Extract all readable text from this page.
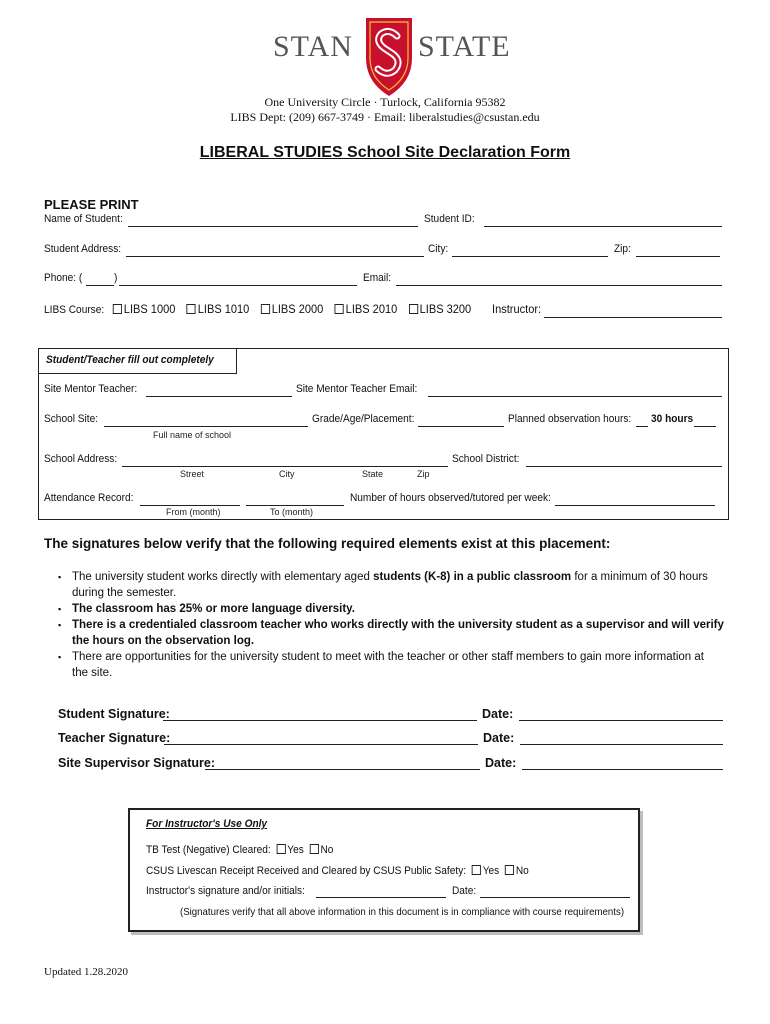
STAN STATE
One University Circle · Turlock, California 95382
LIBS Dept: (209) 667-3749 · Email: liberalstudies@csustan.edu
LIBERAL STUDIES School Site Declaration Form
PLEASE PRINT
Name of Student:	Student ID:
Student Address:	City:	Zip:
Phone: (	)	Email:
LIBS Course:	LIBS 1000 LIBS 1010 LIBS 2000 LIBS 2010 LIBS 3200 Instructor:
Student/Teacher fill out completely
Site Mentor Teacher:	Site Mentor Teacher Email:
School Site:	Grade/Age/Placement:	Planned observation hours: 30 hours
Full name of school
School Address:	School District:
Street	City	State	Zip
Attendance Record:	Number of hours observed/tutored per week:
From (month)	To (month)
The signatures below verify that the following required elements exist at this placement:
▪ The university student works directly with elementary aged students (K-8) in a public classroom for a minimum of 30 hours
during the semester.
▪ The classroom has 25% or more language diversity.
▪ There is a credentialed classroom teacher who works directly with the university student as a supervisor and will verify
the hours on the observation log.
▪ There are opportunities for the university student to meet with the teacher or other staff members to gain more information at
the site.
Student Signature:	Date:
Teacher Signature:	Date:
Site Supervisor Signature:	Date:
For Instructor's Use Only
TB Test (Negative) Cleared: Yes No
CSUS Livescan Receipt Received and Cleared by CSUS Public Safety: Yes No
Instructor's signature and/or initials:	Date:
(Signatures verify that all above information in this document is in compliance with course requirements)
Updated 1.28.2020
